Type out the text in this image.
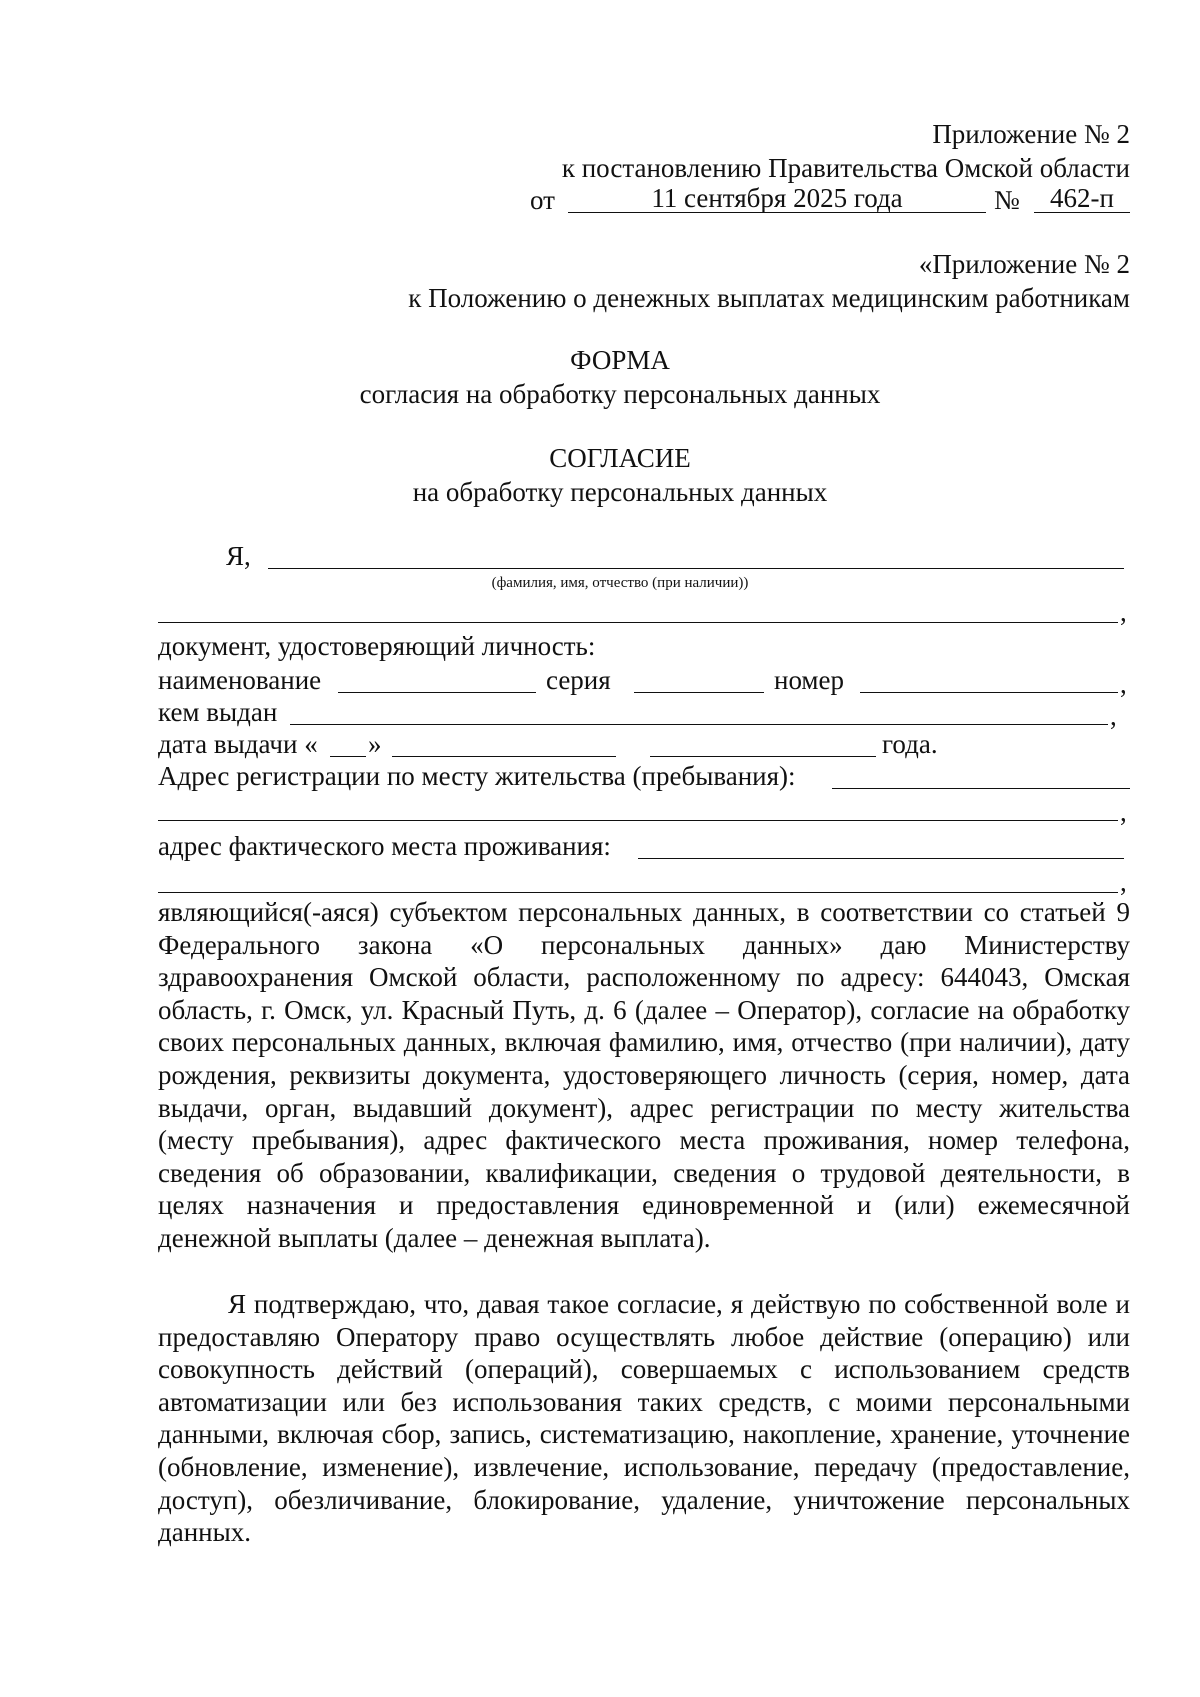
Приложение № 2
к постановлению Правительства Омской области
от	11 сентября 2025 года	№	462-п
«Приложение № 2
к Положению о денежных выплатах медицинским работникам
ФОРМА
согласия на обработку персональных данных
СОГЛАСИЕ
на обработку персональных данных
Я,
(фамилия, имя, отчество (при наличии))
,
документ, удостоверяющий личность:
наименование	серия	номер	,
кем выдан	,
дата выдачи « »	года.
Адрес регистрации по месту жительства (пребывания):
,
адрес фактического места проживания:
,
являющийся(-аяся) субъектом персональных данных, в соответствии со статьей 9 Федерального закона «О персональных данных» даю Министерству здравоохранения Омской области, расположенному по адресу: 644043, Омская область, г. Омск, ул. Красный Путь, д. 6 (далее – Оператор), согласие на обработку своих персональных данных, включая фамилию, имя, отчество (при наличии), дату рождения, реквизиты документа, удостоверяющего личность (серия, номер, дата выдачи, орган, выдавший документ), адрес регистрации по месту жительства (месту пребывания), адрес фактического места проживания, номер телефона, сведения об образовании, квалификации, сведения о трудовой деятельности, в целях назначения и предоставления единовременной и (или) ежемесячной денежной выплаты (далее – денежная выплата).
Я подтверждаю, что, давая такое согласие, я действую по собственной воле и предоставляю Оператору право осуществлять любое действие (операцию) или совокупность действий (операций), совершаемых с использованием средств автоматизации или без использования таких средств, с моими персональными данными, включая сбор, запись, систематизацию, накопление, хранение, уточнение (обновление, изменение), извлечение, использование, передачу (предоставление, доступ), обезличивание, блокирование, удаление, уничтожение персональных данных.
